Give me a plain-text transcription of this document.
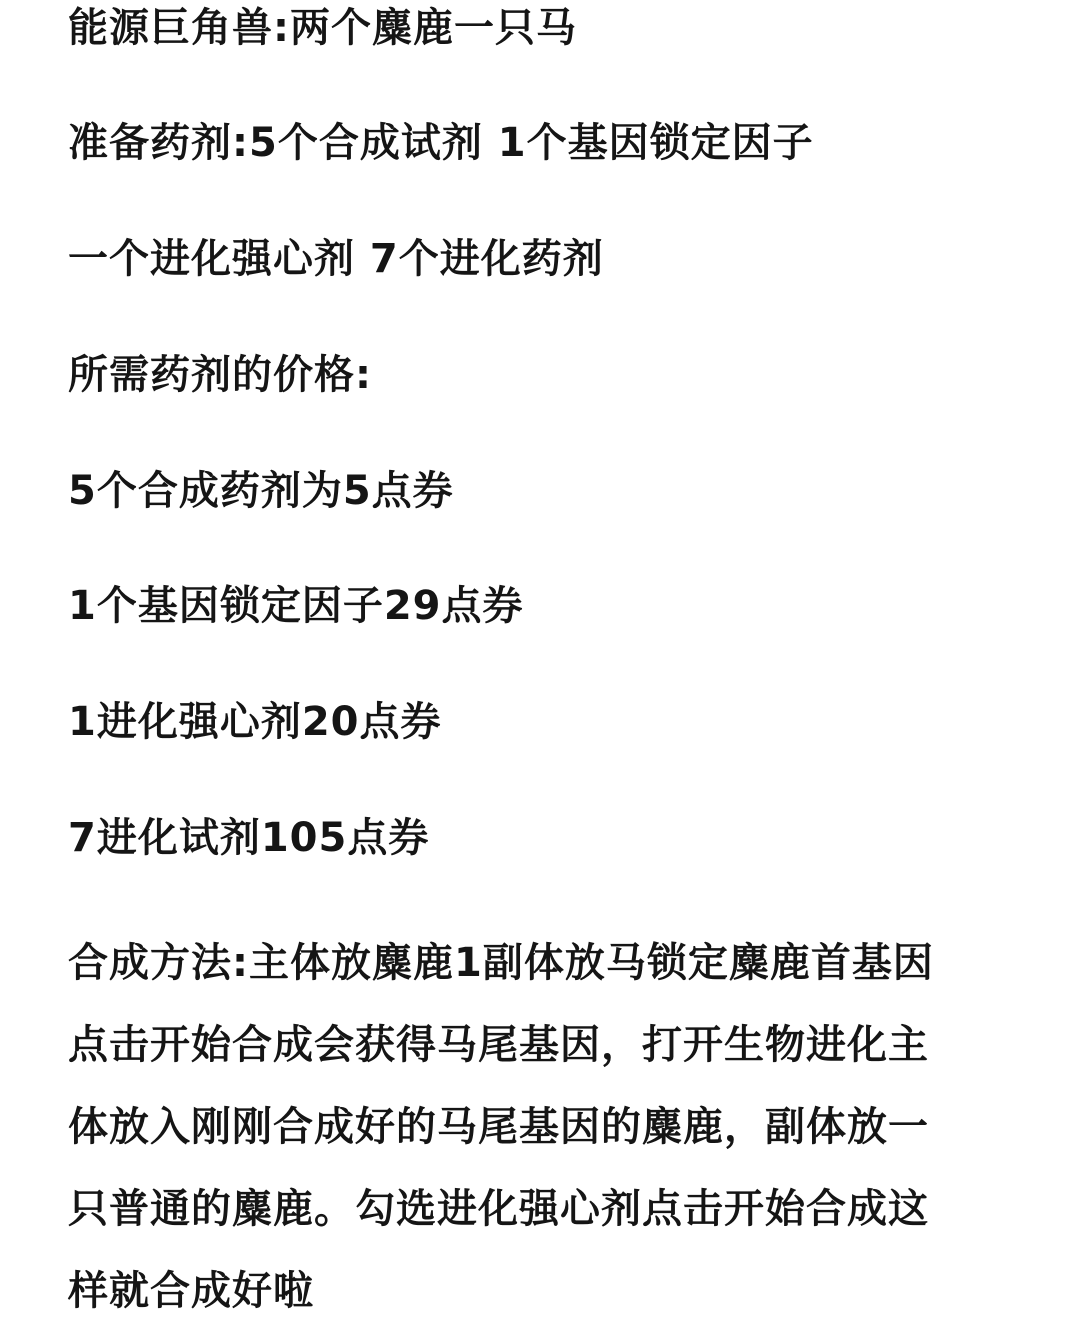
能源巨角兽:两个麋鹿一只马

准备药剂:5个合成试剂 1个基因锁定因子

一个进化强心剂 7个进化药剂

所需药剂的价格:

5个合成药剂为5点券

1个基因锁定因子29点券

1进化强心剂20点券

7进化试剂105点券

合成方法:主体放麋鹿1副体放马锁定麋鹿首基因
点击开始合成会获得马尾基因，打开生物进化主
体放入刚刚合成好的马尾基因的麋鹿，副体放一
只普通的麋鹿。勾选进化强心剂点击开始合成这
样就合成好啦
